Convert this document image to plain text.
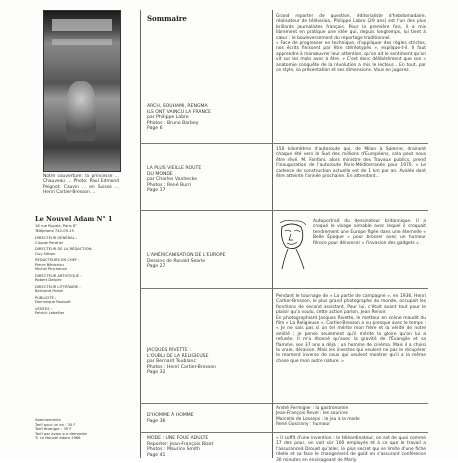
Notre couverture: la princesse ... Chauveau ... Photo: Paul Edmond Peignot; Cauvin ... en Suisse ... Henri Cartier-Bresson ...
Le Nouvel Adam N° 1
18 rue Royale, Paris 8°
Téléphone 742-09-15
DIRECTEUR GÉNÉRAL :
Claude Perdriel
DIRECTEUR DE LA RÉDACTION:
Guy Sitbon
RÉDACTEURS EN CHEF :
Pierre Bénichou
Michel Pinchenon
DIRECTEUR ARTISTIQUE :
Robert Delpire
DIRECTEUR LITTÉRAIRE :
Bertrand Poirot
PUBLICITÉ :
Dominique Rousset
VENTES :
Patrick Lebellier
Abonnements
Tarif pour un an : 30 F
Tarif étranger : 35 F
Tarif par avion sur demande
© Le Nouvel Adam 1966
Sommaire
ARCH, SOUHAMI, RENGMA
ILS ONT VAINCU LA FRANCE
par Philippe Labro
Photos : Bruno Barbey
Page 6
LA PLUS VIEILLE ROUTE
DU MONDE
par Charles Vanhecke
Photos : René Burri
Page 17
L'AMÉRICANISATION DE L'EUROPE
Dessins de Ronald Searle
Page 27
JACQUES RIVETTE :
L'OUBLI DE LA RELIGIEUSE
par Bernard Toublanc
Photos : Henri Cartier-Bresson
Page 32
D'HOMME À HOMME
Page 36
MODE : UNE FOUE ADULTE
Reporter: Jean-François Bizot
Photos : Maurice Smith
Page 41
Grand reporter de question, éditorialiste d'hebdomadaire, réalisateur de télévision, Philippe Labro (29 ans) est l'un des plus brillants journalistes français. Pour la première fois, il a mis librement en pratique une idée qui, depuis longtemps, lui tient à cœur : le bouleversement du reportage traditionnel.
« Face de progresser en technique, d'appliquer des règles strictes, nos écrits finissent par être stéréotypés », explique-t-il. Il faut apprendre à manœuvrer leur attention, qu'on ait le sentiment qu'on vit sur les mots avec à être. » C'est donc délibérément que son « anatomie conquête de la révolution a mis le lecteur... En tout, par ce style, sa présentation et ses dimensions. Vous en jugerez.
150 kilomètres d'autoroute qui, de Milan à Salerne, drainent chaque été vers le Sud des millions d'Européens, cela peut nous être rêvé. M. Fanfani, alors ministre des Travaux publics, prend l'inauguration de l'autoroute Paris-Méditerranée pour 1970. « Le cadence de construction actuelle est de 1 km par an. Avalée dont être atteinte l'année prochaine. En attendant...
Autoportrait du dessinateur britannique. Il a croqué le visage aimable avec lequel il croquait tendrement une Europe figée dans une éternelle « Belle Époque » pour brosser avec un humour féroce pour dénoncer « l'invasion des gadgets ».
Pendant le tournage de « La partie de campagne », en 1936, Henri Cartier-Bresson, le plus grand photographe du monde, occupait les fonctions de second assistant. Pour lui, c'était avant tout pour le plaisir qu'a voulu, cette action parlon, Jean Renoir.
En photographiant Jacques Rivette, le metteur en scène maudit du film « La Religieuse », Cartier-Bresson a vu presque avec le temps : « Je ne sais pas si un tel mérite mon frère et la vérité de notre amitié ; je pense seulement qu'il mérite la gloire qu'on lui a refusée. Il m'a étonné qu'avec la gravité de l'Évangile et sa flamme, ses 37 ans a déjà ; un homme de cinéma. Mais il a choisi la vraie, déraison. Mais les insectes qui veulent ne pas le récupérer le moment inverse de ceux qui veulent montrer qu'il a la même chose que mon autre nature. »
André Fermigier : la gastronomie
Jean-François Revel : les sourires
Marcelle de Lesseps : le jeu à la mode
René Goscinny : humour
« Il suffit d'une invention : le téléordinateur, on est de quoi comme 17 des pour, on voit sûr 100 employés et à ce que le travail a l'assuranceà Drouet qu'aller, le plus secret qui se limite d'une fiche réelle et sa face le changement de goût en s'assurant conférence 30 minutes en envisageant de Marly.
